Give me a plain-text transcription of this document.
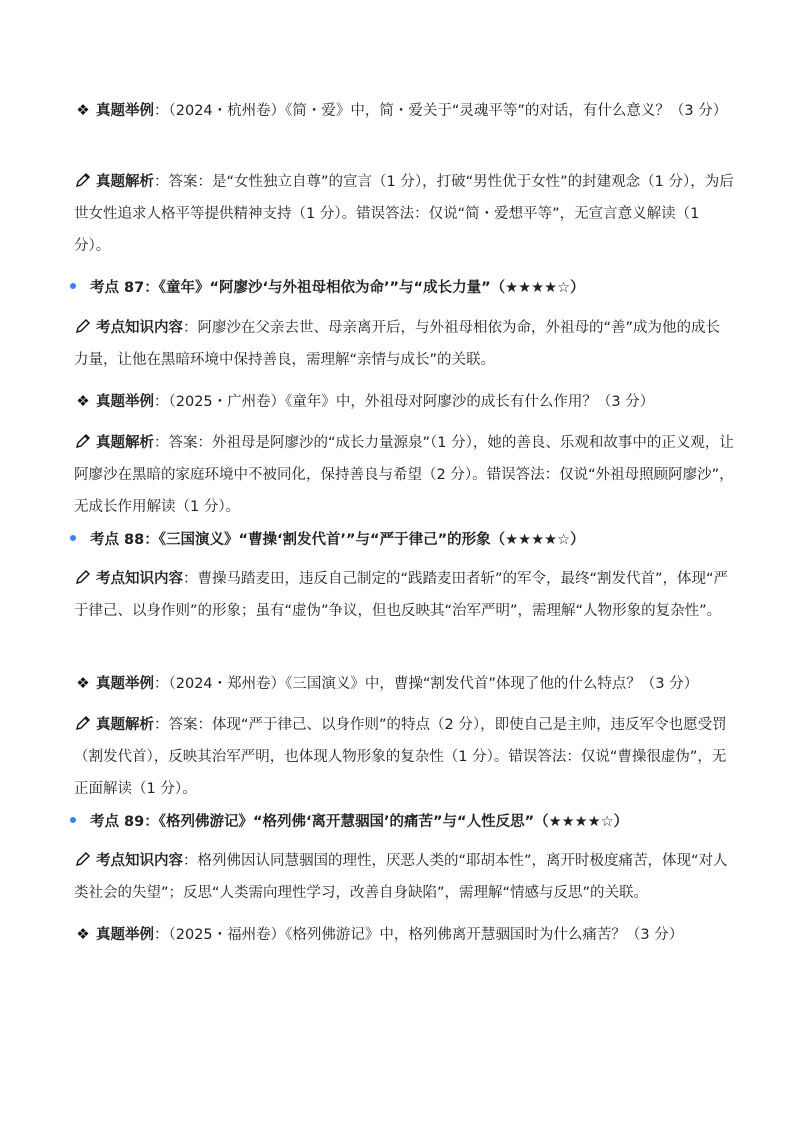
❖ 真题举例：（2024・杭州卷）《简・爱》中，简・爱关于“灵魂平等”的对话，有什么意义？（3 分）
真题解析：答案：是“女性独立自尊”的宣言（1 分），打破“男性优于女性”的封建观念（1 分），为后世女性追求人格平等提供精神支持（1 分）。错误答法：仅说“简・爱想平等”，无宣言意义解读（1 分）。
考点 87：《童年》“阿廖沙‘与外祖母相依为命’”与“成长力量”（★★★★☆）
考点知识内容：阿廖沙在父亲去世、母亲离开后，与外祖母相依为命，外祖母的“善”成为他的成长力量，让他在黑暗环境中保持善良，需理解“亲情与成长”的关联。
❖ 真题举例：（2025・广州卷）《童年》中，外祖母对阿廖沙的成长有什么作用？（3 分）
真题解析：答案：外祖母是阿廖沙的“成长力量源泉”（1 分），她的善良、乐观和故事中的正义观，让阿廖沙在黑暗的家庭环境中不被同化，保持善良与希望（2 分）。错误答法：仅说“外祖母照顾阿廖沙”，无成长作用解读（1 分）。
考点 88：《三国演义》“曹操‘割发代首’”与“严于律己”的形象（★★★★☆）
考点知识内容：曹操马踏麦田，违反自己制定的“践踏麦田者斩”的军令，最终“割发代首”，体现“严于律己、以身作则”的形象；虽有“虚伪”争议，但也反映其“治军严明”，需理解“人物形象的复杂性”。
❖ 真题举例：（2024・郑州卷）《三国演义》中，曹操“割发代首”体现了他的什么特点？（3 分）
真题解析：答案：体现“严于律己、以身作则”的特点（2 分），即使自己是主帅，违反军令也愿受罚（割发代首），反映其治军严明，也体现人物形象的复杂性（1 分）。错误答法：仅说“曹操很虚伪”，无正面解读（1 分）。
考点 89：《格列佛游记》“格列佛‘离开慧骃国’的痛苦”与“人性反思”（★★★★☆）
考点知识内容：格列佛因认同慧骃国的理性，厌恶人类的“耶胡本性”，离开时极度痛苦，体现“对人类社会的失望”；反思“人类需向理性学习，改善自身缺陷”，需理解“情感与反思”的关联。
❖ 真题举例：（2025・福州卷）《格列佛游记》中，格列佛离开慧骃国时为什么痛苦？（3 分）
